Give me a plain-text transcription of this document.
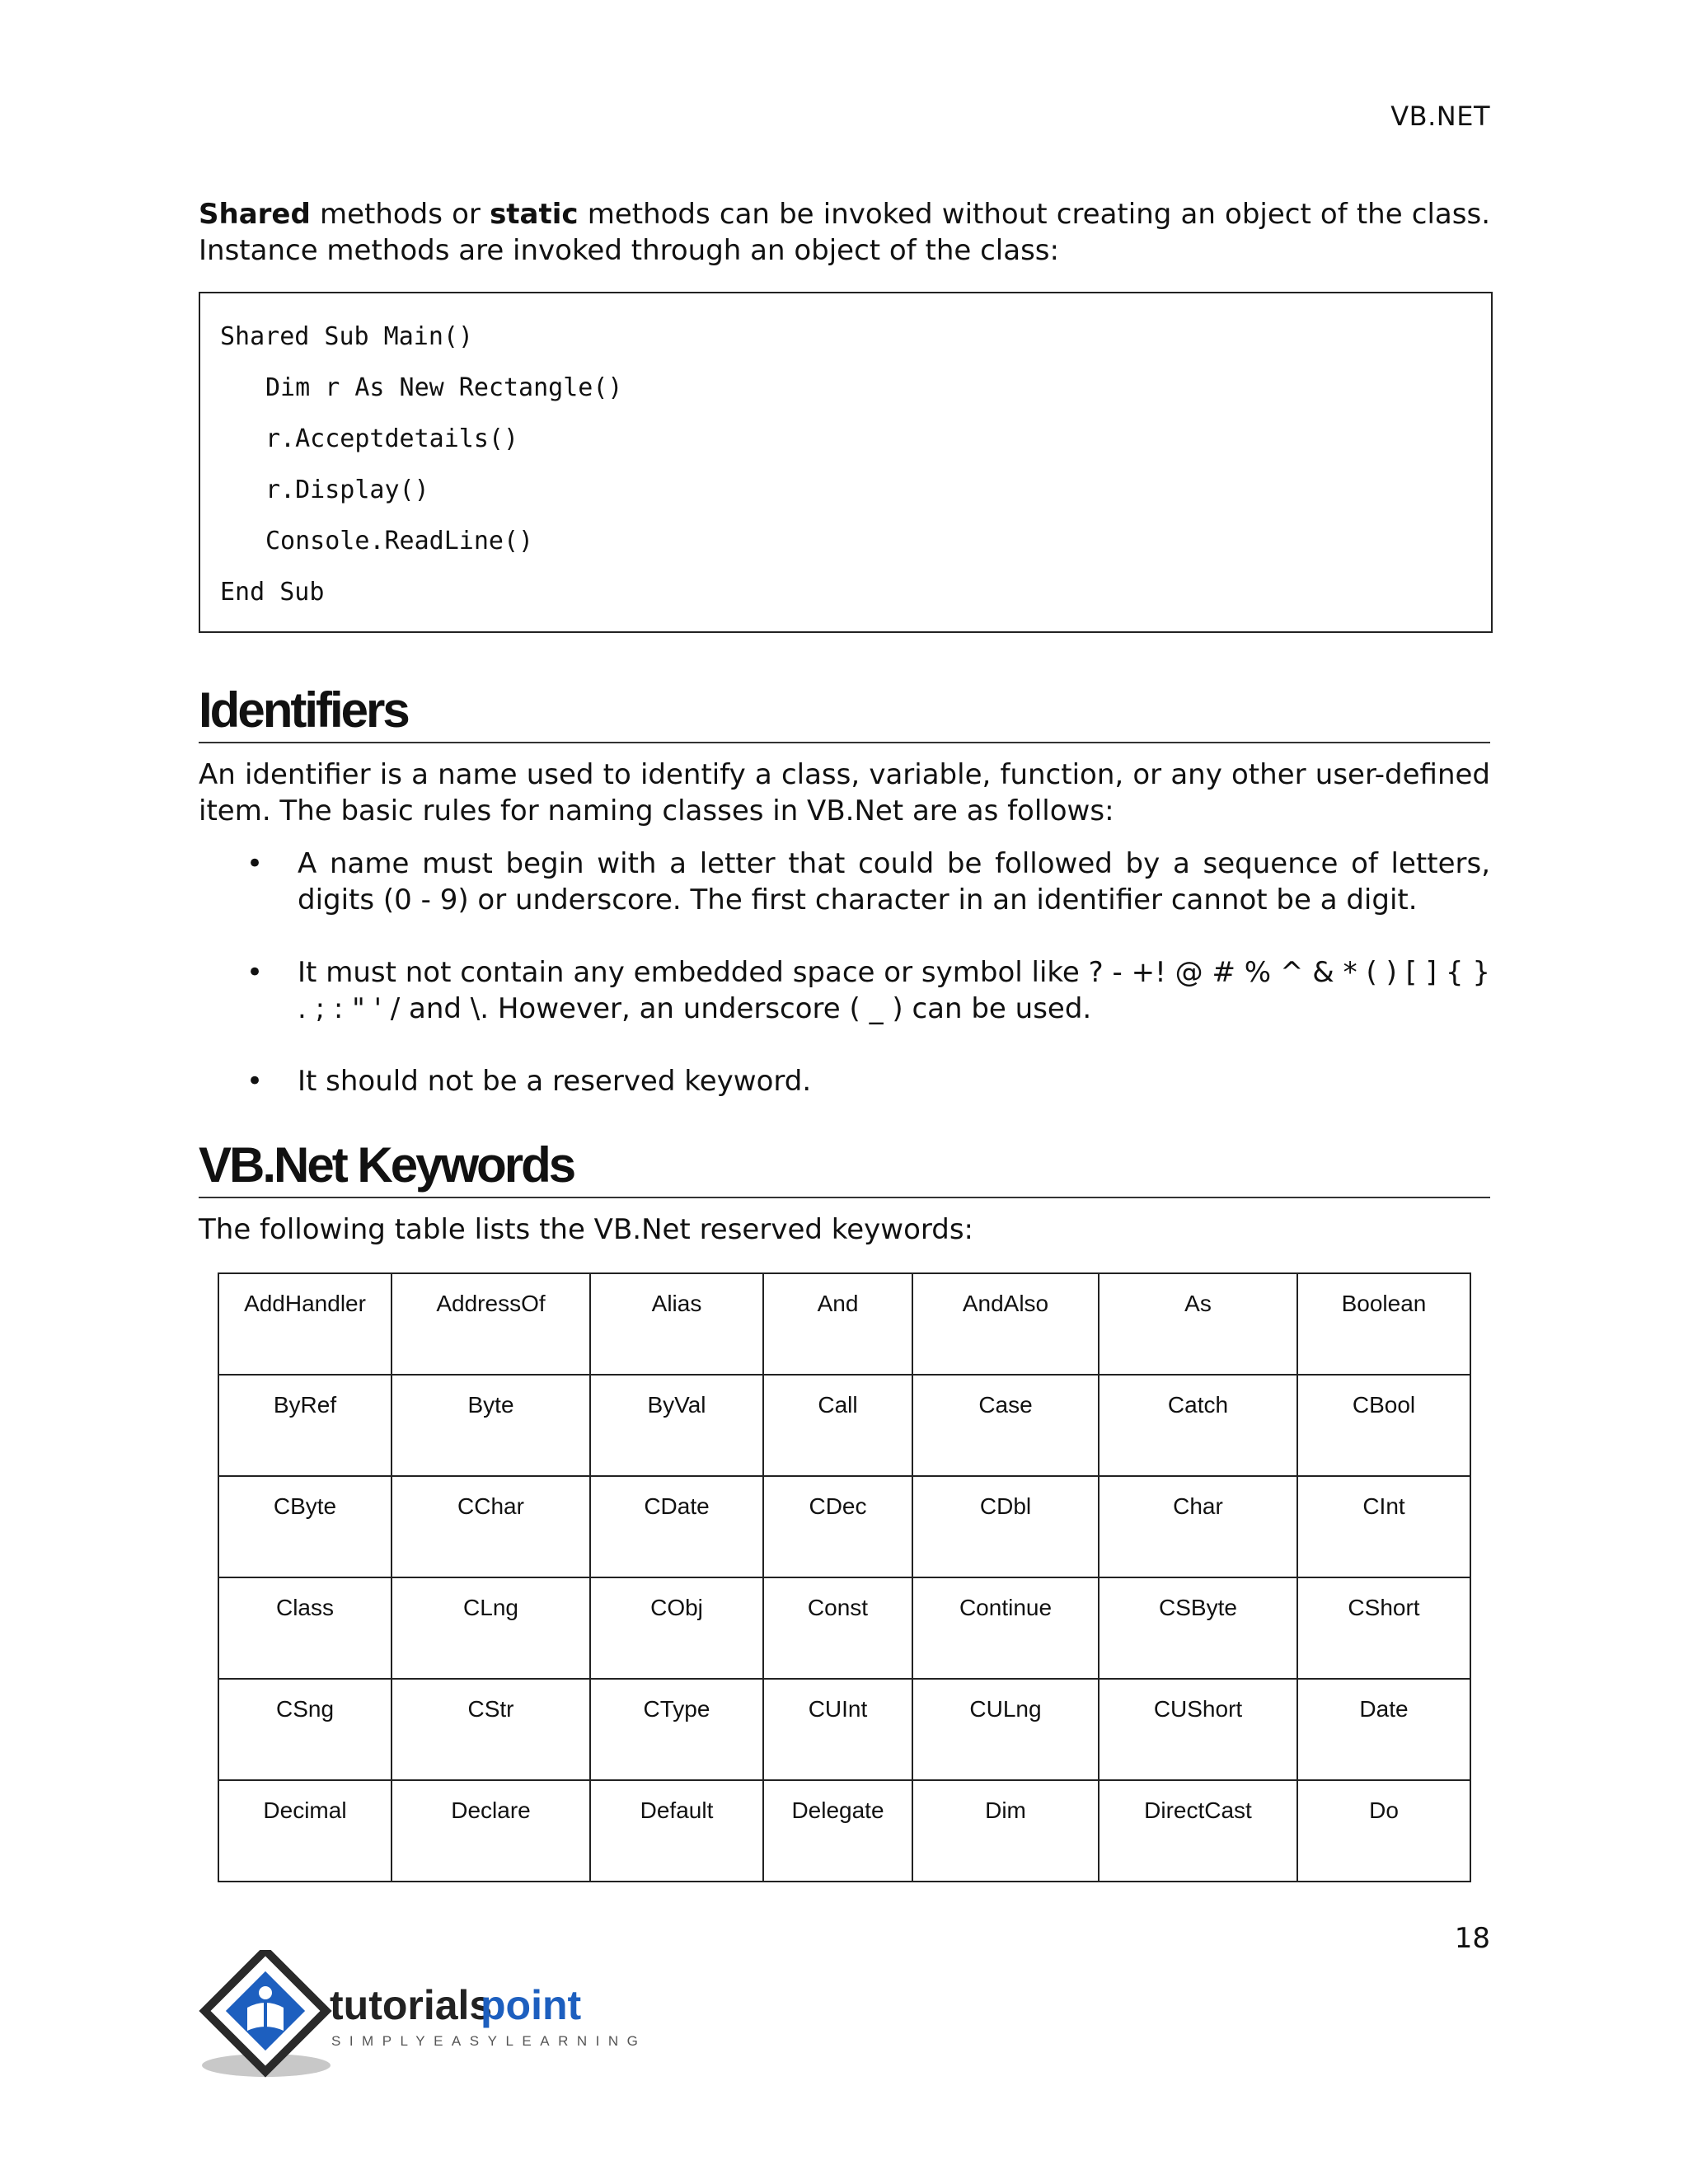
VB.NET

Shared methods or static methods can be invoked without creating an object of the class. Instance methods are invoked through an object of the class:

Shared Sub Main()
Dim r As New Rectangle()
r.Acceptdetails()
r.Display()
Console.ReadLine()
End Sub
Identifiers

An identifier is a name used to identify a class, variable, function, or any other user-defined item. The basic rules for naming classes in VB.Net are as follows:

• A name must begin with a letter that could be followed by a sequence of letters, digits (0 - 9) or underscore. The first character in an identifier cannot be a digit.
• It must not contain any embedded space or symbol like ? - +! @ # % ^ & * ( ) [ ] { } . ; : " ' / and \. However, an underscore ( _ ) can be used.
• It should not be a reserved keyword.
VB.Net Keywords

The following table lists the VB.Net reserved keywords:

AddHandler	AddressOf	Alias	And	AndAlso	As	Boolean
ByRef	Byte	ByVal	Call	Case	Catch	CBool
CByte	CChar	CDate	CDec	CDbl	Char	CInt
Class	CLng	CObj	Const	Continue	CSByte	CShort
CSng	CStr	CType	CUInt	CULng	CUShort	Date
Decimal	Declare	Default	Delegate	Dim	DirectCast	Do
18
tutorials
point
SIMPLYEASYLEARNING
